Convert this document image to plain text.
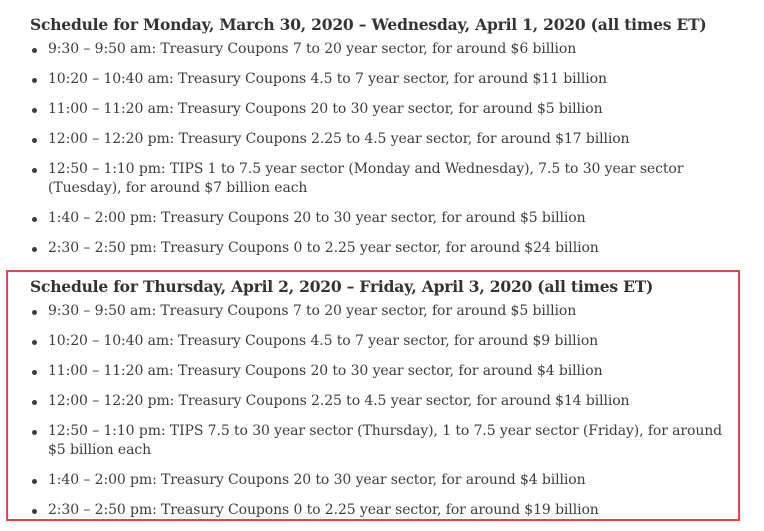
Schedule for Monday, March 30, 2020 – Wednesday, April 1, 2020 (all times ET)
9:30 – 9:50 am: Treasury Coupons 7 to 20 year sector, for around $6 billion
10:20 – 10:40 am: Treasury Coupons 4.5 to 7 year sector, for around $11 billion
11:00 – 11:20 am: Treasury Coupons 20 to 30 year sector, for around $5 billion
12:00 – 12:20 pm: Treasury Coupons 2.25 to 4.5 year sector, for around $17 billion
12:50 – 1:10 pm: TIPS 1 to 7.5 year sector (Monday and Wednesday), 7.5 to 30 year sector (Tuesday), for around $7 billion each
1:40 – 2:00 pm: Treasury Coupons 20 to 30 year sector, for around $5 billion
2:30 – 2:50 pm: Treasury Coupons 0 to 2.25 year sector, for around $24 billion
Schedule for Thursday, April 2, 2020 – Friday, April 3, 2020 (all times ET)
9:30 – 9:50 am: Treasury Coupons 7 to 20 year sector, for around $5 billion
10:20 – 10:40 am: Treasury Coupons 4.5 to 7 year sector, for around $9 billion
11:00 – 11:20 am: Treasury Coupons 20 to 30 year sector, for around $4 billion
12:00 – 12:20 pm: Treasury Coupons 2.25 to 4.5 year sector, for around $14 billion
12:50 – 1:10 pm: TIPS 7.5 to 30 year sector (Thursday), 1 to 7.5 year sector (Friday), for around $5 billion each
1:40 – 2:00 pm: Treasury Coupons 20 to 30 year sector, for around $4 billion
2:30 – 2:50 pm: Treasury Coupons 0 to 2.25 year sector, for around $19 billion
